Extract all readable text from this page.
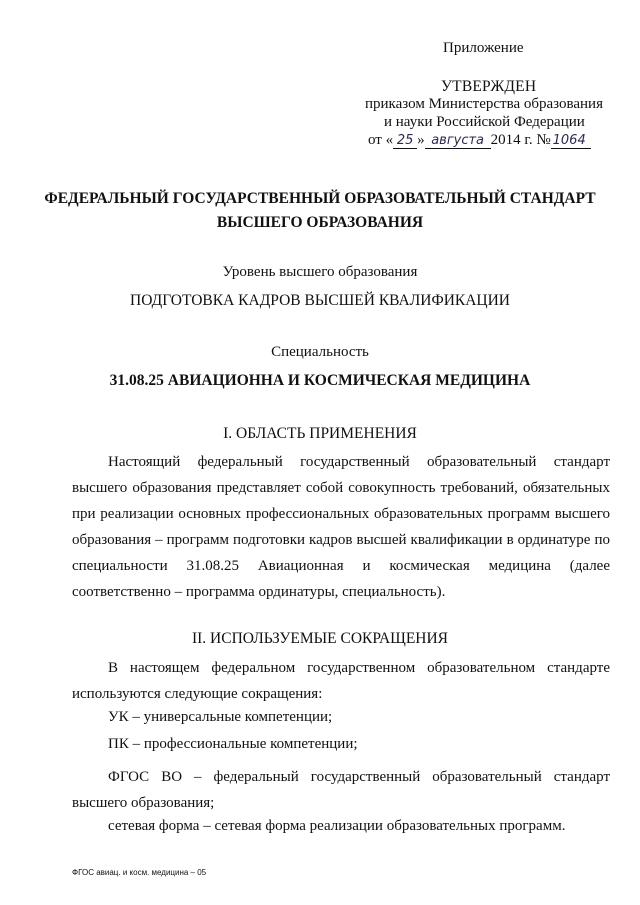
Приложение
УТВЕРЖДЕН
приказом Министерства образования
и науки Российской Федерации
от « 25 » августа 2014 г. № 1064
ФЕДЕРАЛЬНЫЙ ГОСУДАРСТВЕННЫЙ ОБРАЗОВАТЕЛЬНЫЙ СТАНДАРТ
ВЫСШЕГО ОБРАЗОВАНИЯ
Уровень высшего образования
ПОДГОТОВКА КАДРОВ ВЫСШЕЙ КВАЛИФИКАЦИИ
Специальность
31.08.25 АВИАЦИОННА И КОСМИЧЕСКАЯ МЕДИЦИНА
I. ОБЛАСТЬ ПРИМЕНЕНИЯ
Настоящий федеральный государственный образовательный стандарт высшего образования представляет собой совокупность требований, обязательных при реализации основных профессиональных образовательных программ высшего образования – программ подготовки кадров высшей квалификации в ординатуре по специальности 31.08.25 Авиационная и космическая медицина (далее соответственно – программа ординатуры, специальность).
II. ИСПОЛЬЗУЕМЫЕ СОКРАЩЕНИЯ
В настоящем федеральном государственном образовательном стандарте используются следующие сокращения:
УК – универсальные компетенции;
ПК – профессиональные компетенции;
ФГОС ВО – федеральный государственный образовательный стандарт высшего образования;
сетевая форма – сетевая форма реализации образовательных программ.
ФГОС авиац. и косм. медицина – 05
